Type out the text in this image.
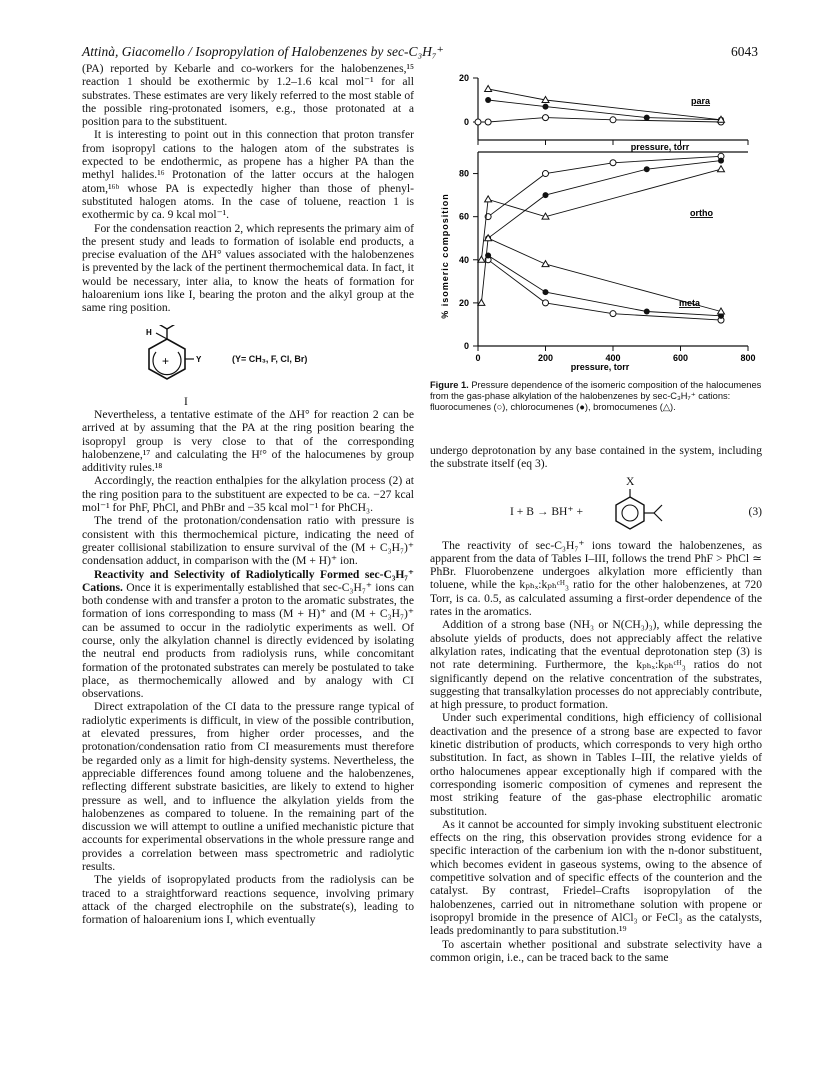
Attinà, Giacomello / Isopropylation of Halobenzenes by sec-C₃H₇⁺	6043

(PA) reported by Kebarle and co-workers for the halobenzenes,¹⁵ reaction 1 should be exothermic by 1.2–1.6 kcal mol⁻¹ for all substrates. These estimates are very likely referred to the most stable of the possible ring-protonated isomers, e.g., those protonated at a position para to the substituent.

It is interesting to point out in this connection that proton transfer from isopropyl cations to the halogen atom of the substrates is expected to be endothermic, as propene has a higher PA than the methyl halides.¹⁶ Protonation of the latter occurs at the halogen atom,¹⁶ᵇ whose PA is expectedly higher than those of phenyl-substituted halogen atoms. In the case of toluene, reaction 1 is exothermic by ca. 9 kcal mol⁻¹.

For the condensation reaction 2, which represents the primary aim of the present study and leads to formation of isolable end products, a precise evaluation of the ΔH° values associated with the halobenzenes is prevented by the lack of the pertinent thermochemical data. In fact, it would be necessary, inter alia, to know the heats of formation for haloarenium ions like I, bearing the proton and the alkyl group at the same ring position.

+
H
Y	(Y= CH₃, F, Cl, Br)

I

Nevertheless, a tentative estimate of the ΔH° for reaction 2 can be arrived at by assuming that the PA at the ring position bearing the isopropyl group is very close to that of the corresponding halobenzene,¹⁷ and calculating the Hᶠ° of the halocumenes by group additivity rules.¹⁸

Accordingly, the reaction enthalpies for the alkylation process (2) at the ring position para to the substituent are expected to be ca. −27 kcal mol⁻¹ for PhF, PhCl, and PhBr and −35 kcal mol⁻¹ for PhCH₃.

The trend of the protonation/condensation ratio with pressure is consistent with this thermochemical picture, indicating the need of greater collisional stabilization to ensure survival of the (M + C₃H₇)⁺ condensation adduct, in comparison with the (M + H)⁺ ion.

Reactivity and Selectivity of Radiolytically Formed sec-C₃H₇⁺ Cations. Once it is experimentally established that sec-C₃H₇⁺ ions can both condense with and transfer a proton to the aromatic substrates, the formation of ions corresponding to mass (M + H)⁺ and (M + C₃H₇)⁺ can be assumed to occur in the radiolytic experiments as well. Of course, only the alkylation channel is directly evidenced by isolating the neutral end products from radiolysis runs, while concomitant formation of the protonated substrates can merely be postulated to take place, as thermochemically allowed and by analogy with CI observations.

Direct extrapolation of the CI data to the pressure range typical of radiolytic experiments is difficult, in view of the possible contribution, at elevated pressures, from higher order processes, and the protonation/condensation ratio from CI measurements must therefore be regarded only as a limit for high-density systems. Nevertheless, the appreciable differences found among toluene and the halobenzenes, reflecting different substrate basicities, are likely to extend to higher pressure as well, and to influence the alkylation yields from the halobenzenes as compared to toluene. In the remaining part of the discussion we will attempt to outline a unified mechanistic picture that accounts for experimental observations in the whole pressure range and provides a correlation between mass spectrometric and radiolytic results.

The yields of isopropylated products from the radiolysis can be traced to a straightforward reactions sequence, involving primary attack of the charged electrophile on the substrate(s), leading to formation of haloarenium ions I, which eventually

20
0
80
60
40
20
0
0	200	400	600	800
% isomeric composition
para
pressure, torr
ortho
meta
pressure, torr
Figure 1. Pressure dependence of the isomeric composition of the halocumenes from the gas-phase alkylation of the halobenzenes by sec-C₃H₇⁺ cations: fluorocumenes (○), chlorocumenes (●), bromocumenes (△).

undergo deprotonation by any base contained in the system, including the substrate itself (eq 3).

I + B → BH⁺ +
X
(3)

The reactivity of sec-C₃H₇⁺ ions toward the halobenzenes, as apparent from the data of Tables I–III, follows the trend PhF > PhCl ≃ PhBr. Fluorobenzene undergoes alkylation more efficiently than toluene, while the kₚₕₓ:kₚₕᶜᴴ₃ ratio for the other halobenzenes, at 720 Torr, is ca. 0.5, as calculated assuming a first-order dependence of the rates in the aromatics.

Addition of a strong base (NH₃ or N(CH₃)₃), while depressing the absolute yields of products, does not appreciably affect the relative alkylation rates, indicating that the eventual deprotonation step (3) is not rate determining. Furthermore, the kₚₕₓ:kₚₕᶜᴴ₃ ratios do not significantly depend on the relative concentration of the substrates, suggesting that transalkylation processes do not appreciably contribute, at high pressure, to product formation.

Under such experimental conditions, high efficiency of collisional deactivation and the presence of a strong base are expected to favor kinetic distribution of products, which corresponds to very high ortho substitution. In fact, as shown in Tables I–III, the relative yields of ortho halocumenes appear exceptionally high if compared with the corresponding isomeric composition of cymenes and represent the most striking feature of the gas-phase electrophilic aromatic substitution.

As it cannot be accounted for simply invoking substituent electronic effects on the ring, this observation provides strong evidence for a specific interaction of the carbenium ion with the n-donor substituent, which becomes evident in gaseous systems, owing to the absence of competitive solvation and of specific effects of the counterion and the catalyst. By contrast, Friedel–Crafts isopropylation of the halobenzenes, carried out in nitromethane solution with propene or isopropyl bromide in the presence of AlCl₃ or FeCl₃ as the catalysts, leads predominantly to para substitution.¹⁹

To ascertain whether positional and substrate selectivity have a common origin, i.e., can be traced back to the same
